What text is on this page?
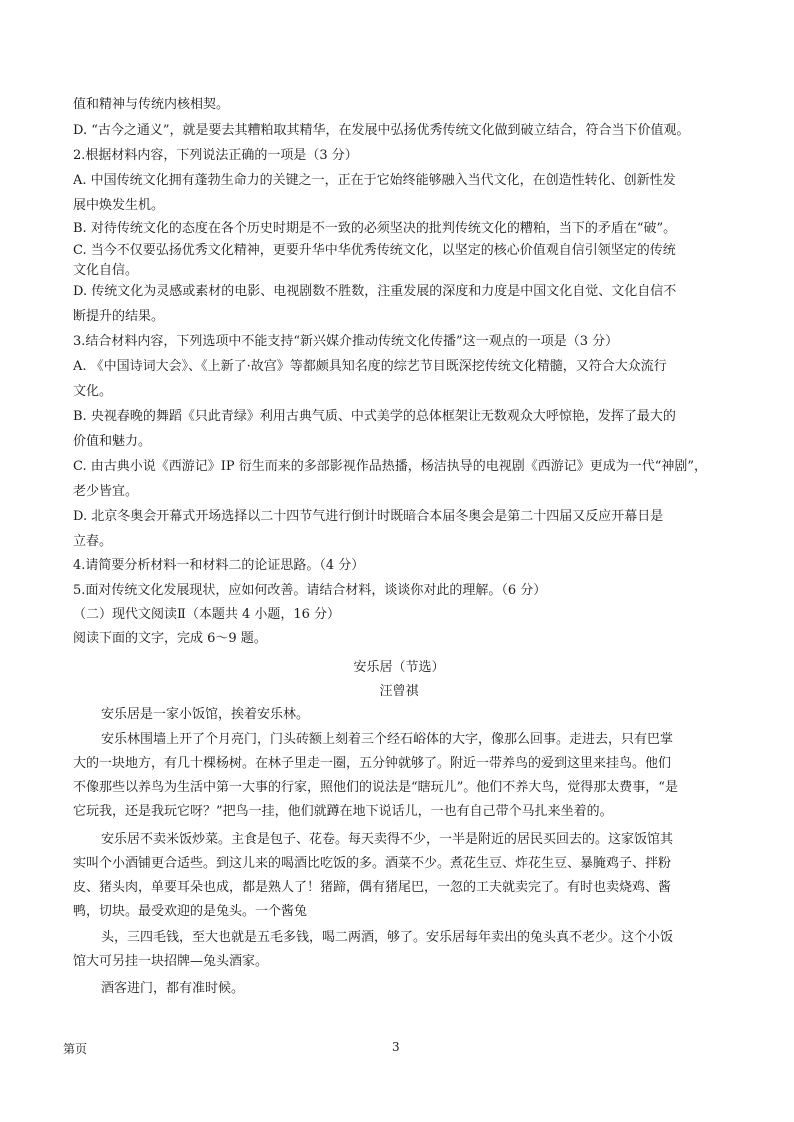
值和精神与传统内核相契。
D. “古今之通义”，就是要去其糟粕取其精华，在发展中弘扬优秀传统文化做到破立结合，符合当下价值观。
2.根据材料内容，下列说法正确的一项是（3 分）
A. 中国传统文化拥有蓬勃生命力的关键之一，正在于它始终能够融入当代文化，在创造性转化、创新性发
展中焕发生机。
B. 对待传统文化的态度在各个历史时期是不一致的必须坚决的批判传统文化的糟粕，当下的矛盾在“破”。
C. 当今不仅要弘扬优秀文化精神，更要升华中华优秀传统文化，以坚定的核心价值观自信引领坚定的传统
文化自信。
D. 传统文化为灵感或素材的电影、电视剧数不胜数，注重发展的深度和力度是中国文化自觉、文化自信不
断提升的结果。
3.结合材料内容，下列选项中不能支持“新兴媒介推动传统文化传播”这一观点的一项是（3 分）
A. 《中国诗词大会》、《上新了·故宫》等都颇具知名度的综艺节目既深挖传统文化精髓，又符合大众流行
文化。
B. 央视春晚的舞蹈《只此青绿》利用古典气质、中式美学的总体框架让无数观众大呼惊艳，发挥了最大的
价值和魅力。
C. 由古典小说《西游记》IP 衍生而来的多部影视作品热播，杨洁执导的电视剧《西游记》更成为一代“神剧”，
老少皆宜。
D. 北京冬奥会开幕式开场选择以二十四节气进行倒计时既暗合本届冬奥会是第二十四届又反应开幕日是
立春。
4.请简要分析材料一和材料二的论证思路。（4 分）
5.面对传统文化发展现状，应如何改善。请结合材料，谈谈你对此的理解。（6 分）
（二）现代文阅读Ⅱ（本题共 4 小题，16 分）
阅读下面的文字，完成 6～9 题。
安乐居（节选）
汪曾祺
安乐居是一家小饭馆，挨着安乐林。
安乐林围墙上开了个月亮门，门头砖额上刻着三个经石峪体的大字，像那么回事。走进去，只有巴掌
大的一块地方，有几十棵杨树。在林子里走一圈，五分钟就够了。附近一带养鸟的爱到这里来挂鸟。他们
不像那些以养鸟为生活中第一大事的行家，照他们的说法是“瞎玩儿”。他们不养大鸟，觉得那太费事，“是
它玩我，还是我玩它呀？”把鸟一挂，他们就蹲在地下说话儿，一也有自己带个马扎来坐着的。
安乐居不卖米饭炒菜。主食是包子、花卷。每天卖得不少，一半是附近的居民买回去的。这家饭馆其
实叫个小酒铺更合适些。到这儿来的喝酒比吃饭的多。酒菜不少。煮花生豆、炸花生豆、暴腌鸡子、拌粉
皮、猪头肉，单要耳朵也成，都是熟人了！猪蹄，偶有猪尾巴，一忽的工夫就卖完了。有时也卖烧鸡、酱
鸭，切块。最受欢迎的是兔头。一个酱兔
头，三四毛钱，至大也就是五毛多钱，喝二两酒，够了。安乐居每年卖出的兔头真不老少。这个小饭
馆大可另挂一块招牌—兔头酒家。
酒客进门，都有准时候。
第页	3
